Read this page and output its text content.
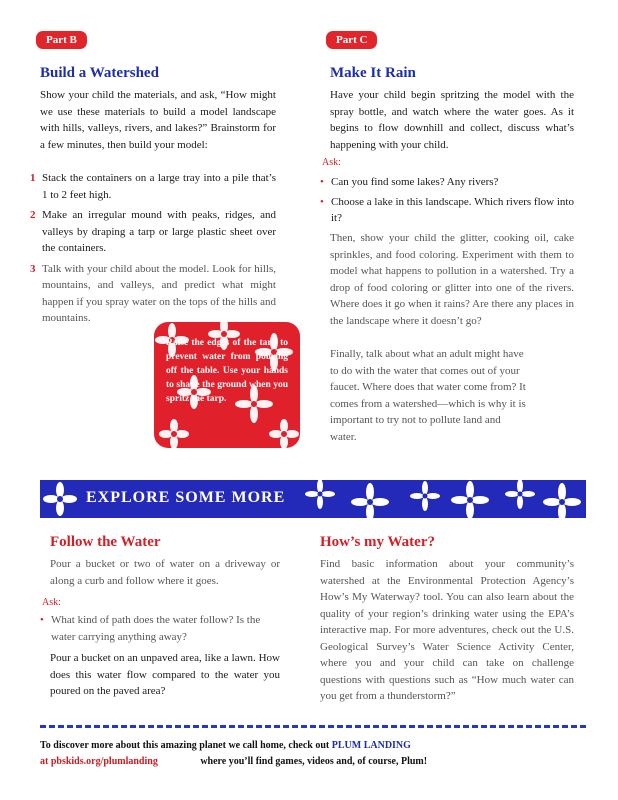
Part B
Build a Watershed
Show your child the materials, and ask, “How might we use these materials to build a model landscape with hills, valleys, rivers, and lakes?” Brainstorm for a few minutes, then build your model:
1 Stack the containers on a large tray into a pile that’s 1 to 2 feet high.
2 Make an irregular mound with peaks, ridges, and valleys by draping a tarp or large plastic sheet over the containers.
3 Talk with your child about the model. Look for hills, mountains, and valleys, and predict what might happen if you spray water on the tops of the hills and mountains.
Raise the edges of the tarp to prevent water from pouring off the table. Use your hands to shape the ground when you spritz the tarp.
Part C
Make It Rain
Have your child begin spritzing the model with the spray bottle, and watch where the water goes. As it begins to flow downhill and collect, discuss what’s happening with your child.
Ask:
• Can you find some lakes? Any rivers?
• Choose a lake in this landscape. Which rivers flow into it?
Then, show your child the glitter, cooking oil, cake sprinkles, and food coloring. Experiment with them to model what happens to pollution in a watershed. Try a drop of food coloring or glitter into one of the rivers. Where does it go when it rains? Are there any places in the landscape where it doesn’t go?
Finally, talk about what an adult might have to do with the water that comes out of your faucet. Where does that water come from? It comes from a watershed—which is why it is important to try not to pollute land and water.
EXPLORE SOME MORE
Follow the Water
Pour a bucket or two of water on a driveway or along a curb and follow where it goes.
Ask:
• What kind of path does the water follow? Is the water carrying anything away?
Pour a bucket on an unpaved area, like a lawn. How does this water flow compared to the water you poured on the paved area?
How’s my Water?
Find basic information about your community’s watershed at the Environmental Protection Agency’s How’s My Waterway? tool. You can also learn about the quality of your region’s drinking water using the EPA’s interactive map. For more adventures, check out the U.S. Geological Survey’s Water Science Activity Center, where you and your child can take on challenge questions with questions such as “How much water can you get from a thunderstorm?”
To discover more about this amazing planet we call home, check out PLUM LANDING
at pbskids.org/plumlanding	where you’ll find games, videos and, of course, Plum!
